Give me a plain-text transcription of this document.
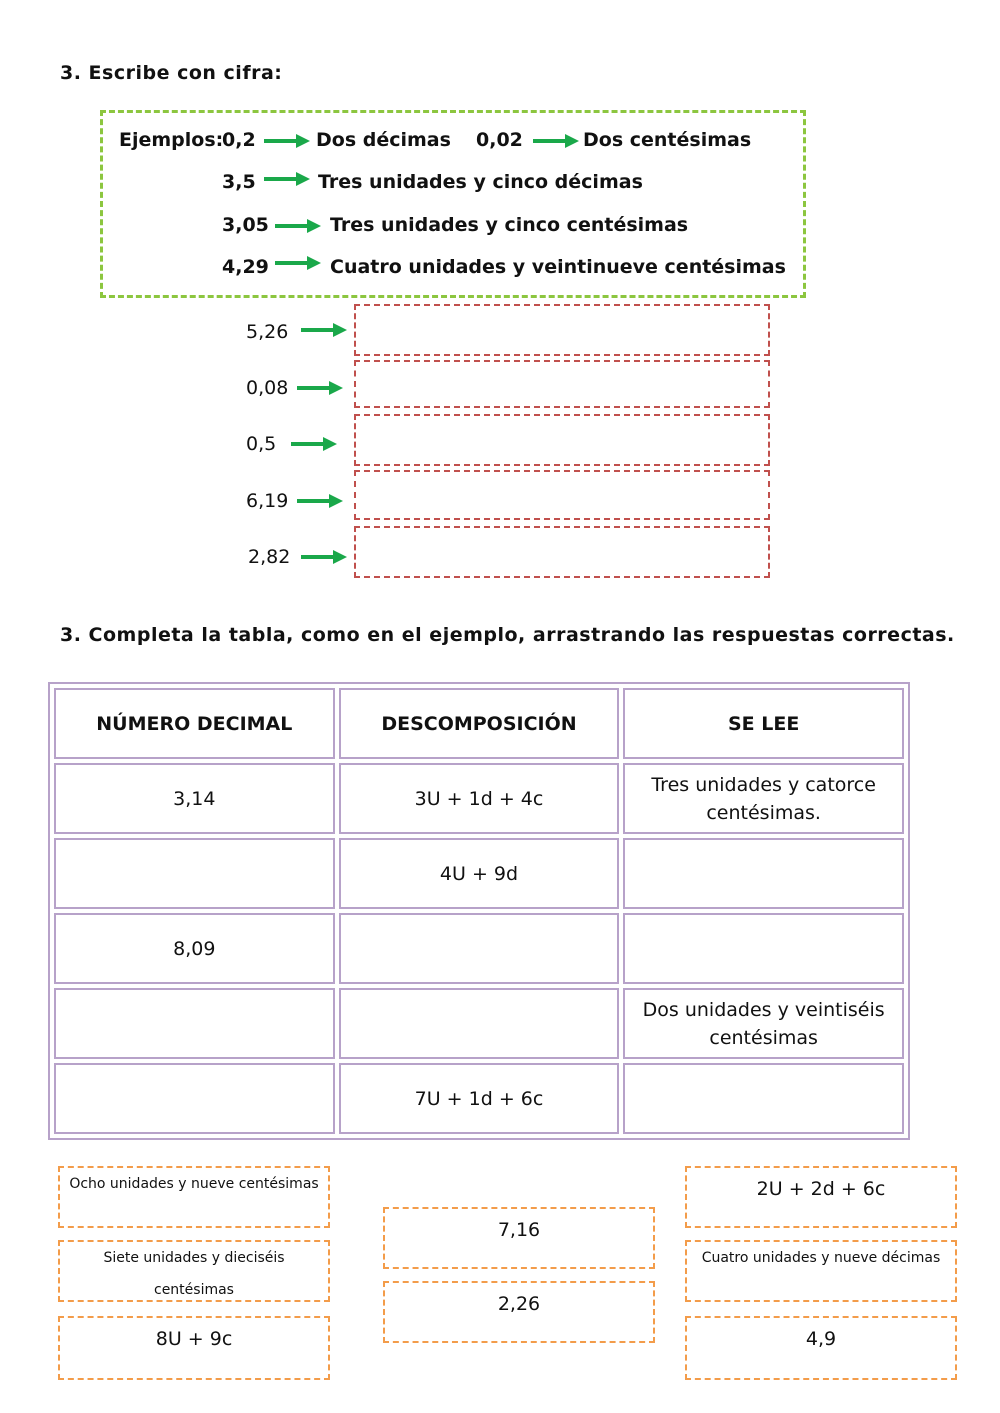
3. Escribe con cifra:
Ejemplos:
0,2	Dos décimas 0,02	Dos centésimas
3,5	Tres unidades y cinco décimas
3,05	Tres unidades y cinco centésimas
4,29	Cuatro unidades y veintinueve centésimas
5,26
0,08
0,5
6,19
2,82
3. Completa la tabla, como en el ejemplo, arrastrando las respuestas correctas.
NÚMERO DECIMAL	DESCOMPOSICIÓN	SE LEE
3,14	3U + 1d + 4c	Tres unidades y catorce centésimas.
	4U + 9d	
8,09		
		Dos unidades y veintiséis centésimas
	7U + 1d + 6c	
Ocho unidades y nueve centésimas
Siete unidades y dieciséis centésimas
8U + 9c
7,16
2,26
2U + 2d + 6c
Cuatro unidades y nueve décimas
4,9
